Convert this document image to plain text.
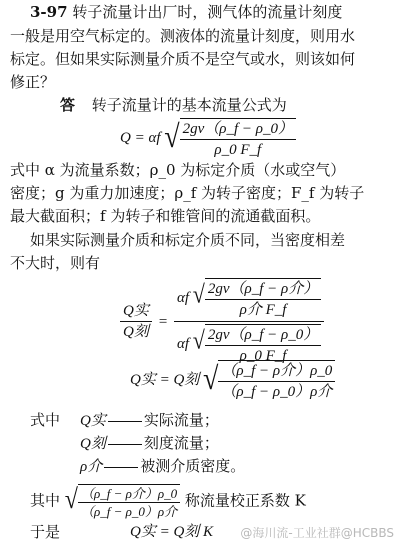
3-97 转子流量计出厂时，测气体的流量计刻度
一般是用空气标定的。测液体的流量计刻度，则用水
标定。但如果实际测量介质不是空气或水，则该如何
修正？
答 转子流量计的基本流量公式为
Q = αf √ $\frac{2gv(\rho\_f - \rho\_0)}{\rho\_0 F\_f}$
式中 α 为流量系数；ρ_0 为标定介质（水或空气）
密度；g 为重力加速度；ρ_f 为转子密度；F_f 为转子
最大截面积；f 为转子和锥管间的流通截面积。
如果实际测量介质和标定介质不同，当密度相差
不大时，则有
$\frac{\text{Q实}}{\text{Q刻}}$ =
αf √ $\frac{\text{2gv（ρ\_f − ρ介）}}{\text{ρ介 F\_f}}$
αf √ $\frac{2gv(\rho\_f - \rho\_0)}{\rho\_0 F\_f}$
Q实 = Q刻 √ $\frac{\text{（ρ\_f − ρ介）ρ\_0}}{\text{（ρ\_f − ρ\_0）ρ介}}$
式中 Q实	实际流量；
Q刻	刻度流量；
ρ介	被测介质密度。
其中 √ $\frac{\text{（ρ\_f − ρ介）ρ\_0}}{\text{（ρ\_f − ρ\_0）ρ介}}$ 称流量校正系数 K
于是	Q实 = Q刻 K @海川流-工业社群@HCBBS
